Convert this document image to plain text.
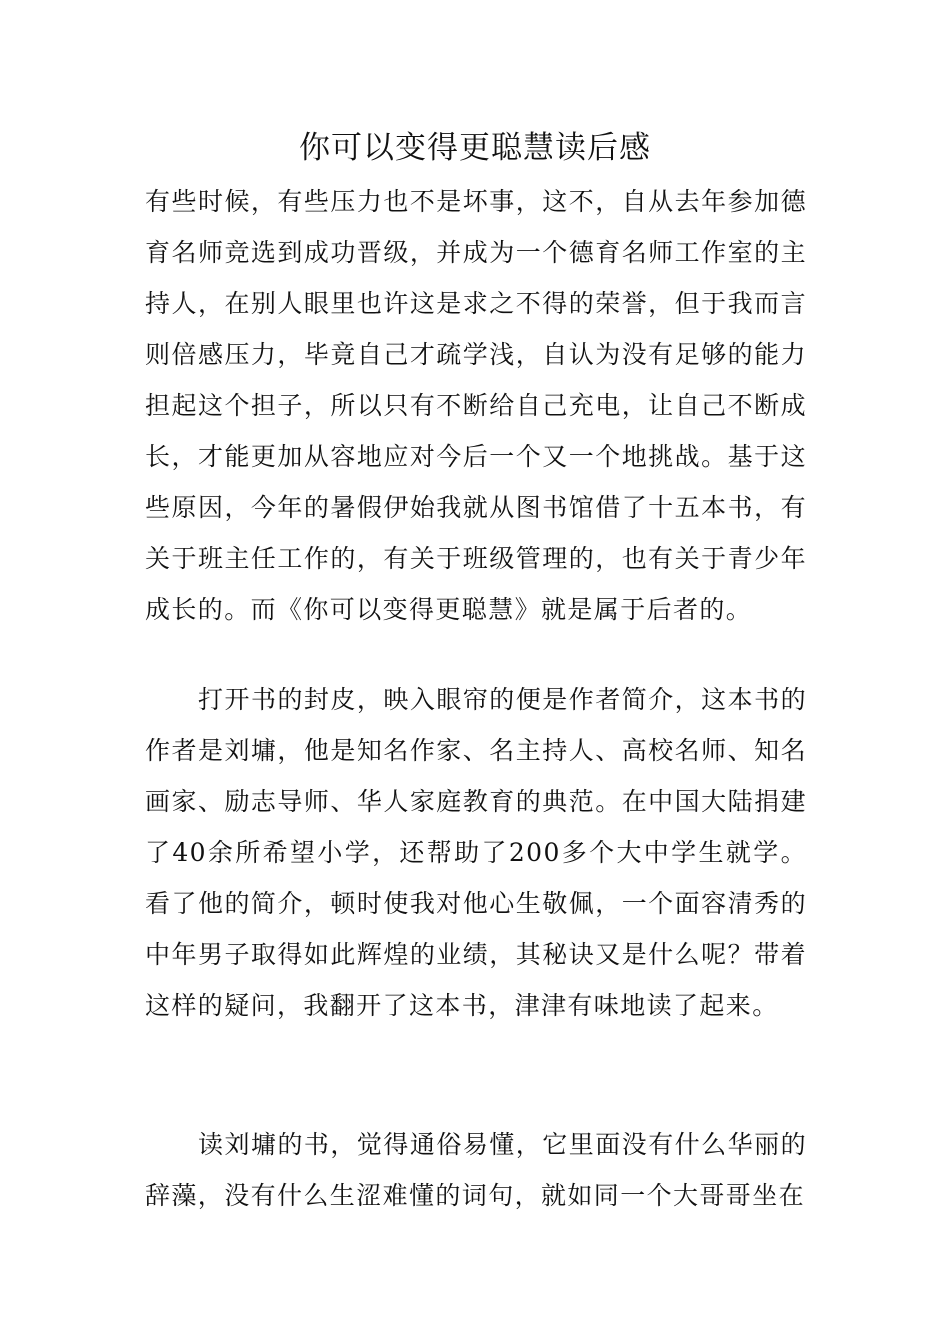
你可以变得更聪慧读后感

有些时候，有些压力也不是坏事，这不，自从去年参加德育名师竞选到成功晋级，并成为一个德育名师工作室的主持人，在别人眼里也许这是求之不得的荣誉，但于我而言则倍感压力，毕竟自己才疏学浅，自认为没有足够的能力担起这个担子，所以只有不断给自己充电，让自己不断成长，才能更加从容地应对今后一个又一个地挑战。基于这些原因，今年的暑假伊始我就从图书馆借了十五本书，有关于班主任工作的，有关于班级管理的，也有关于青少年成长的。而《你可以变得更聪慧》就是属于后者的。

打开书的封皮，映入眼帘的便是作者简介，这本书的作者是刘墉，他是知名作家、名主持人、高校名师、知名画家、励志导师、华人家庭教育的典范。在中国大陆捐建了40余所希望小学，还帮助了200多个大中学生就学。看了他的简介，顿时使我对他心生敬佩，一个面容清秀的中年男子取得如此辉煌的业绩，其秘诀又是什么呢？带着这样的疑问，我翻开了这本书，津津有味地读了起来。

读刘墉的书，觉得通俗易懂，它里面没有什么华丽的辞藻，没有什么生涩难懂的词句，就如同一个大哥哥坐在
